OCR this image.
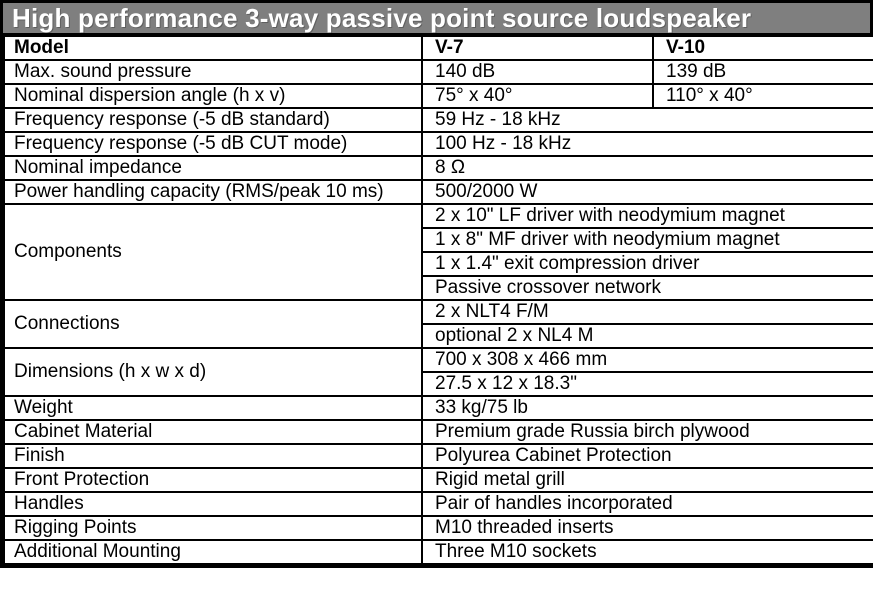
High performance 3-way passive point source loudspeaker
Model	V-7	V-10
Max. sound pressure	140 dB	139 dB
Nominal dispersion angle (h x v)	75° x 40°	110° x 40°
Frequency response (-5 dB standard)	59 Hz - 18 kHz	
Frequency response (-5 dB CUT mode)	100 Hz - 18 kHz	
Nominal impedance	8 Ω	
Power handling capacity (RMS/peak 10 ms)	500/2000 W	
Components	2 x 10" LF driver with neodymium magnet	
	1 x 8" MF driver with neodymium magnet	
	1 x 1.4" exit compression driver	
	Passive crossover network	
Connections	2 x NLT4 F/M	
	optional 2 x NL4 M	
Dimensions (h x w x d)	700 x 308 x 466 mm	
	27.5 x 12 x 18.3"	
Weight	33 kg/75 lb	
Cabinet Material	Premium grade Russia birch plywood	
Finish	Polyurea Cabinet Protection	
Front Protection	Rigid metal grill	
Handles	Pair of handles incorporated	
Rigging Points	M10 threaded inserts	
Additional Mounting	Three M10 sockets	
